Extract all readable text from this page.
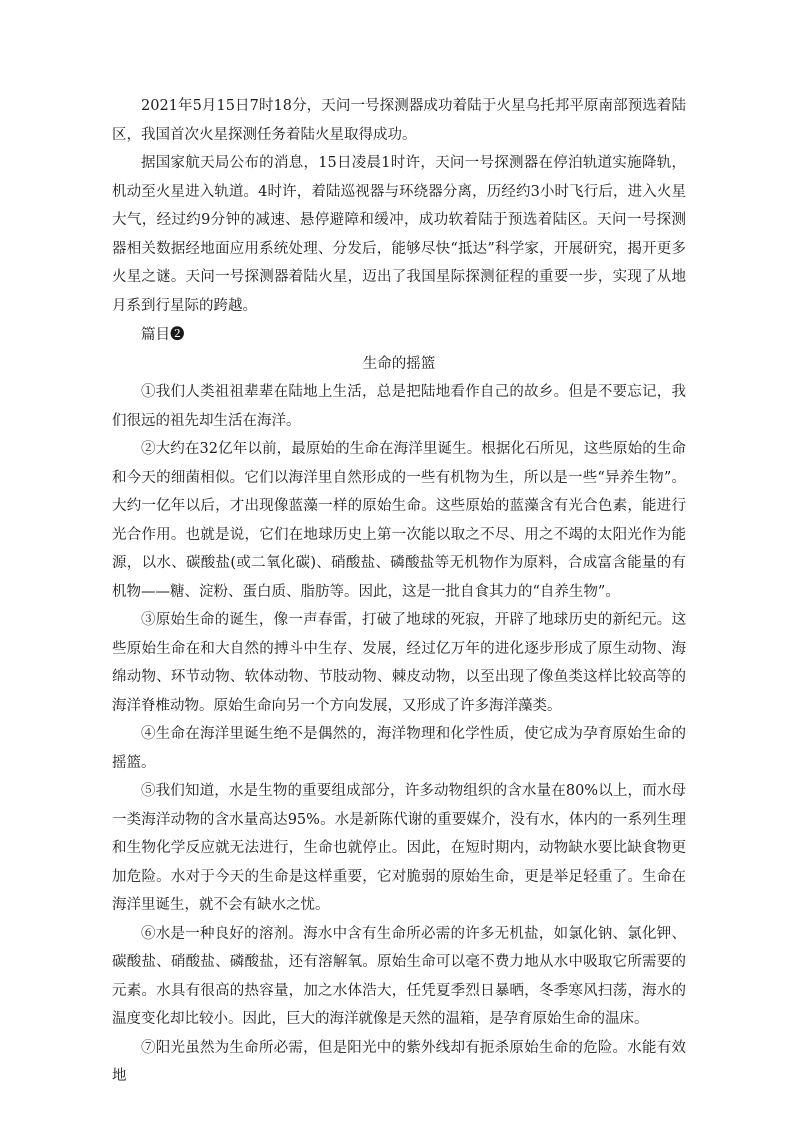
2021年5月15日7时18分，天问一号探测器成功着陆于火星乌托邦平原南部预选着陆区，我国首次火星探测任务着陆火星取得成功。

据国家航天局公布的消息，15日凌晨1时许，天问一号探测器在停泊轨道实施降轨，机动至火星进入轨道。4时许，着陆巡视器与环绕器分离，历经约3小时飞行后，进入火星大气，经过约9分钟的减速、悬停避障和缓冲，成功软着陆于预选着陆区。天问一号探测器相关数据经地面应用系统处理、分发后，能够尽快“抵达”科学家，开展研究，揭开更多火星之谜。天问一号探测器着陆火星，迈出了我国星际探测征程的重要一步，实现了从地月系到行星际的跨越。

篇目❷

生命的摇篮

①我们人类祖祖辈辈在陆地上生活，总是把陆地看作自己的故乡。但是不要忘记，我们很远的祖先却生活在海洋。

②大约在32亿年以前，最原始的生命在海洋里诞生。根据化石所见，这些原始的生命和今天的细菌相似。它们以海洋里自然形成的一些有机物为生，所以是一些“异养生物”。大约一亿年以后，才出现像蓝藻一样的原始生命。这些原始的蓝藻含有光合色素，能进行光合作用。也就是说，它们在地球历史上第一次能以取之不尽、用之不竭的太阳光作为能源，以水、碳酸盐(或二氧化碳)、硝酸盐、磷酸盐等无机物作为原料，合成富含能量的有机物——糖、淀粉、蛋白质、脂肪等。因此，这是一批自食其力的“自养生物”。

③原始生命的诞生，像一声春雷，打破了地球的死寂，开辟了地球历史的新纪元。这些原始生命在和大自然的搏斗中生存、发展，经过亿万年的进化逐步形成了原生动物、海绵动物、环节动物、软体动物、节肢动物、棘皮动物，以至出现了像鱼类这样比较高等的海洋脊椎动物。原始生命向另一个方向发展，又形成了许多海洋藻类。

④生命在海洋里诞生绝不是偶然的，海洋物理和化学性质，使它成为孕育原始生命的摇篮。

⑤我们知道，水是生物的重要组成部分，许多动物组织的含水量在80%以上，而水母一类海洋动物的含水量高达95%。水是新陈代谢的重要媒介，没有水，体内的一系列生理和生物化学反应就无法进行，生命也就停止。因此，在短时期内，动物缺水要比缺食物更加危险。水对于今天的生命是这样重要，它对脆弱的原始生命，更是举足轻重了。生命在海洋里诞生，就不会有缺水之忧。

⑥水是一种良好的溶剂。海水中含有生命所必需的许多无机盐，如氯化钠、氯化钾、碳酸盐、硝酸盐、磷酸盐，还有溶解氧。原始生命可以毫不费力地从水中吸取它所需要的元素。水具有很高的热容量，加之水体浩大，任凭夏季烈日暴晒，冬季寒风扫荡，海水的温度变化却比较小。因此，巨大的海洋就像是天然的温箱，是孕育原始生命的温床。

⑦阳光虽然为生命所必需，但是阳光中的紫外线却有扼杀原始生命的危险。水能有效地
